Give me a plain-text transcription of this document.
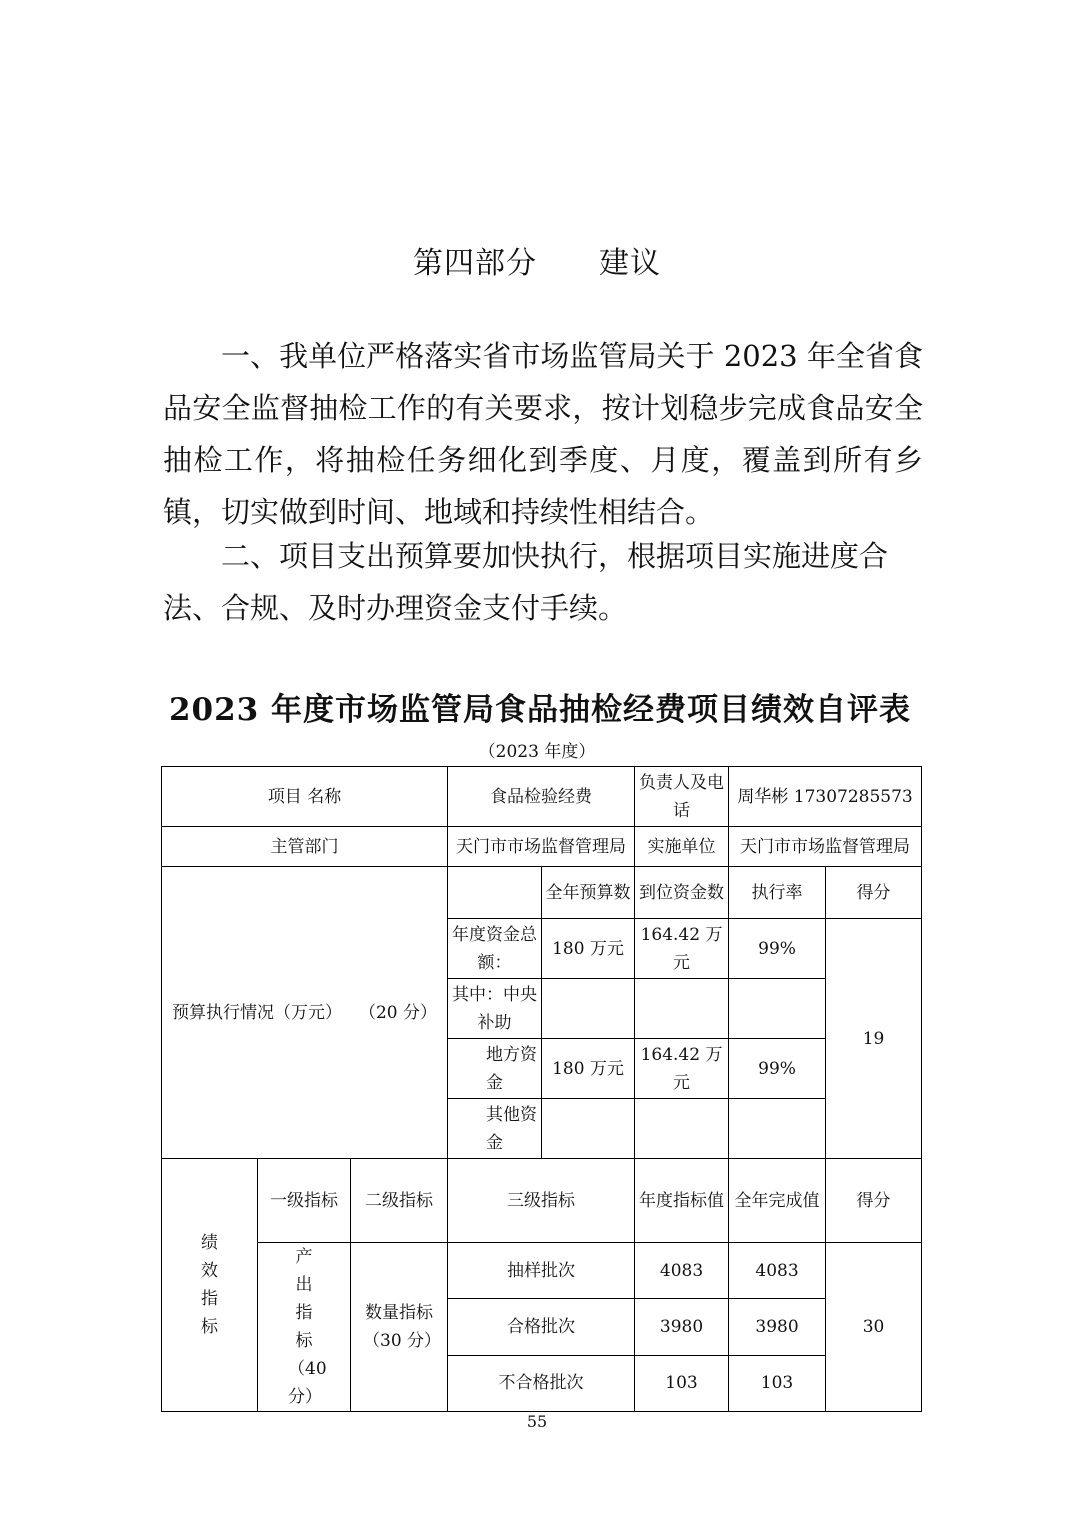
第四部分 建议
一、我单位严格落实省市场监管局关于 2023 年全省食品安全监督抽检工作的有关要求，按计划稳步完成食品安全抽检工作，将抽检任务细化到季度、月度，覆盖到所有乡镇，切实做到时间、地域和持续性相结合。
二、项目支出预算要加快执行，根据项目实施进度合法、合规、及时办理资金支付手续。
2023 年度市场监管局食品抽检经费项目绩效自评表
（2023 年度）
项目 名称			食品检验经费		负责人及电话	周华彬 17307285573	
主管部门			天门市市场监督管理局		实施单位	天门市市场监督管理局	
预算执行情况（万元）　　（20 分）				全年预算数	到位资金数	执行率	得分
			年度资金总额：	180 万元	164.42 万元	99%	19
			其中：中央补助				
			　　地方资金	180 万元	164.42 万元	99%	
			　　其他资金				
绩效指标	一级指标	二级指标	三级指标		年度指标值	全年完成值	得分
	产出指标（40 分）	数量指标（30 分）	抽样批次		4083	4083	30
			合格批次		3980	3980	
			不合格批次		103	103	
55
